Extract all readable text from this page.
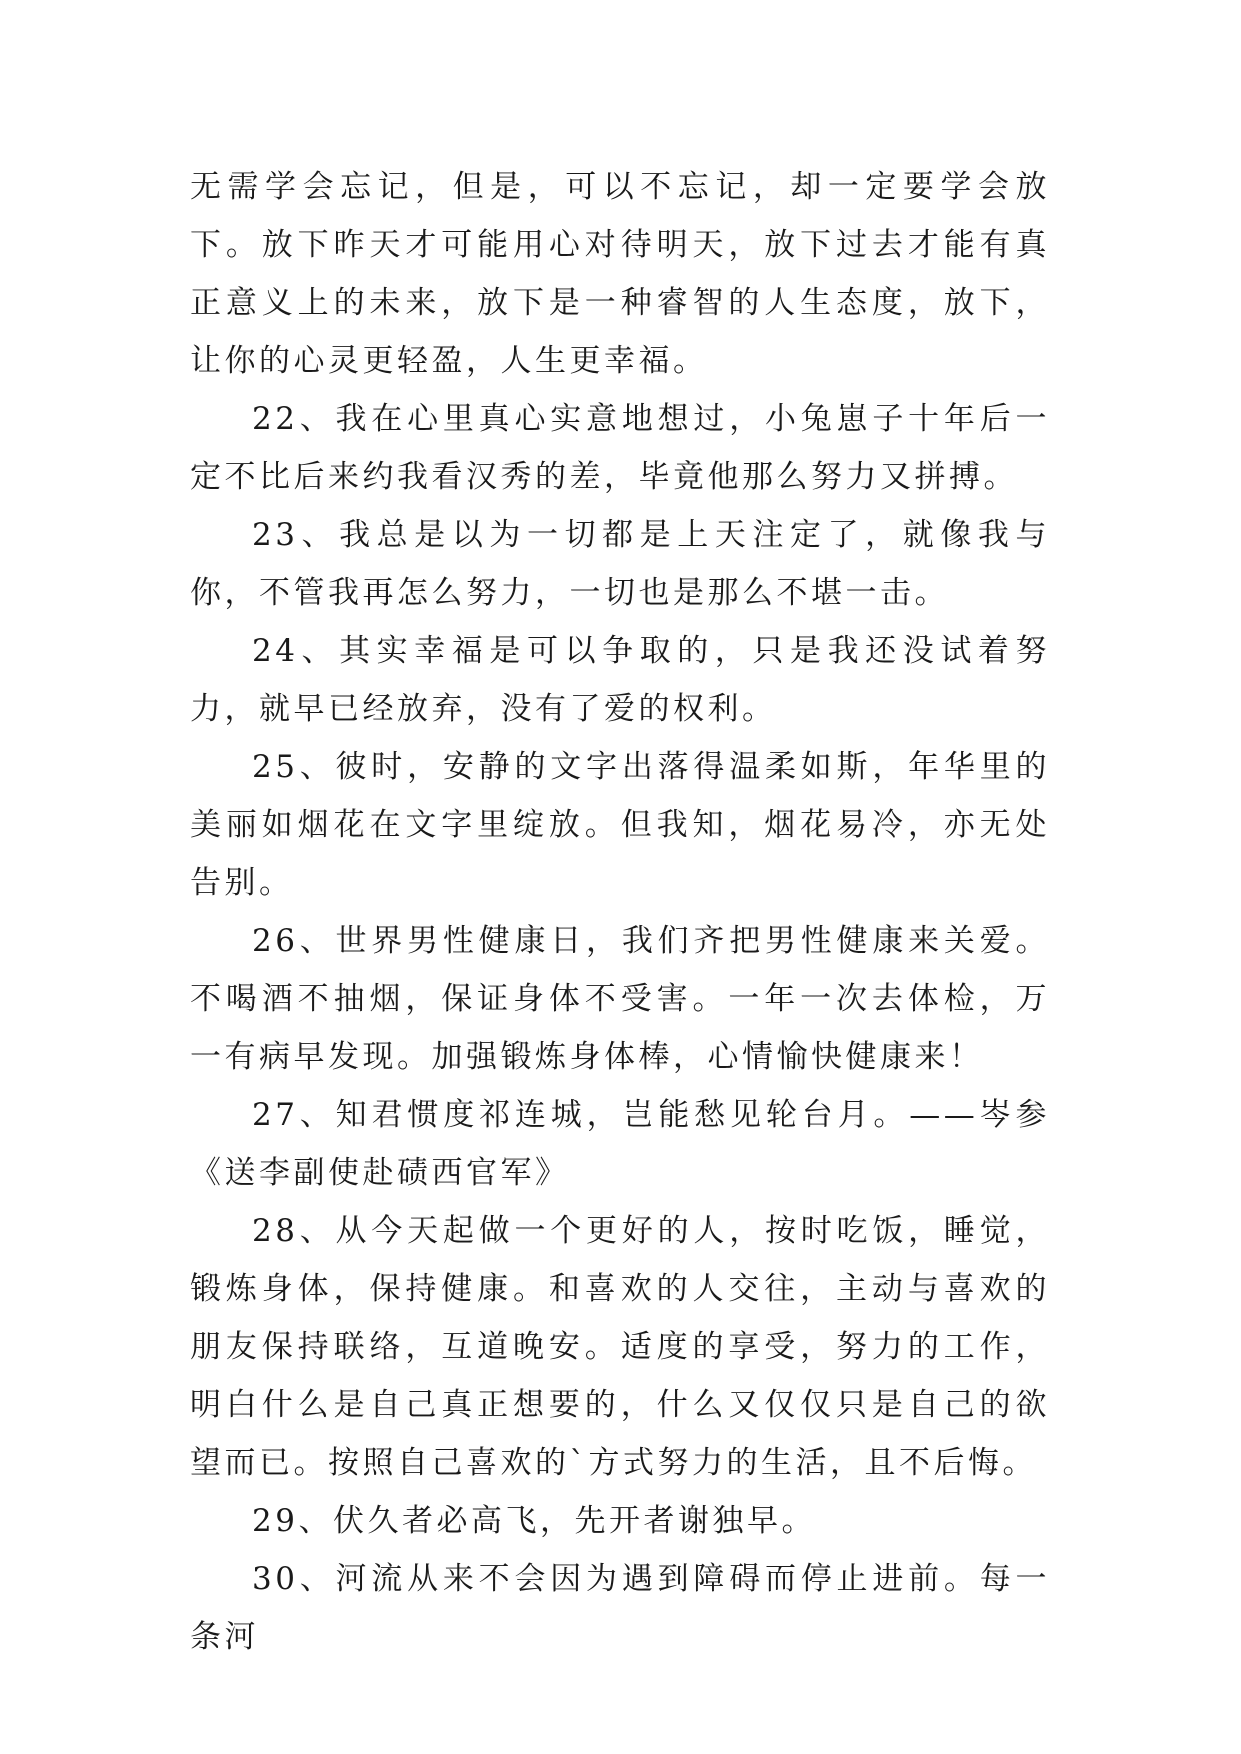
无需学会忘记，但是，可以不忘记，却一定要学会放下。放下昨天才可能用心对待明天，放下过去才能有真正意义上的未来，放下是一种睿智的人生态度，放下，让你的心灵更轻盈，人生更幸福。

22、我在心里真心实意地想过，小兔崽子十年后一定不比后来约我看汉秀的差，毕竟他那么努力又拼搏。

23、我总是以为一切都是上天注定了，就像我与你，不管我再怎么努力，一切也是那么不堪一击。

24、其实幸福是可以争取的，只是我还没试着努力，就早已经放弃，没有了爱的权利。

25、彼时，安静的文字出落得温柔如斯，年华里的美丽如烟花在文字里绽放。但我知，烟花易冷，亦无处告别。

26、世界男性健康日，我们齐把男性健康来关爱。不喝酒不抽烟，保证身体不受害。一年一次去体检，万一有病早发现。加强锻炼身体棒，心情愉快健康来！

27、知君惯度祁连城，岂能愁见轮台月。——岑参《送李副使赴碛西官军》

28、从今天起做一个更好的人，按时吃饭，睡觉，锻炼身体，保持健康。和喜欢的人交往，主动与喜欢的朋友保持联络，互道晚安。适度的享受，努力的工作，明白什么是自己真正想要的，什么又仅仅只是自己的欲望而已。按照自己喜欢的`方式努力的生活，且不后悔。

29、伏久者必高飞，先开者谢独早。

30、河流从来不会因为遇到障碍而停止进前。每一条河
